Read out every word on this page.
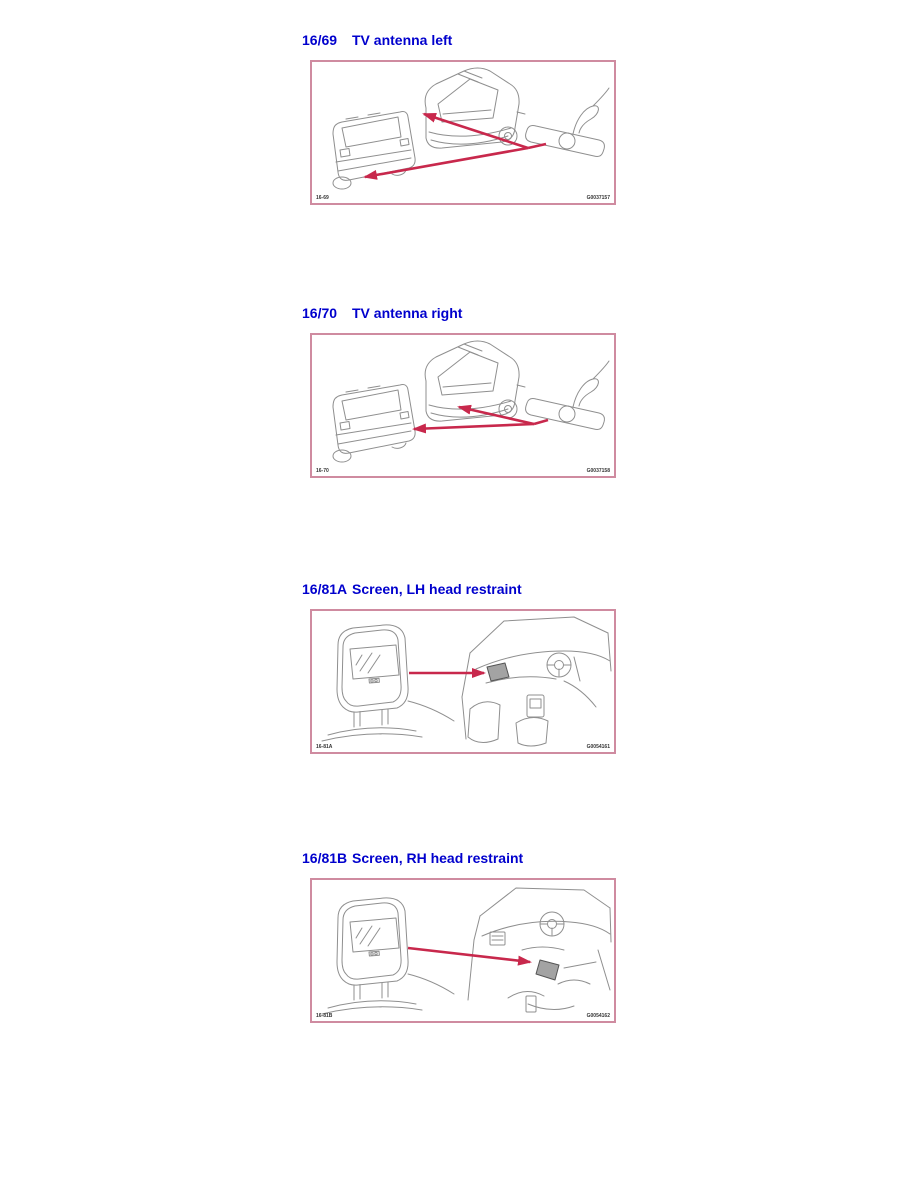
16/69 TV antenna left
16-69	G0037157
16/70 TV antenna right
16-70	G0037158
16/81A Screen, LH head restraint
16-81A	G0054161
16/81B Screen, RH head restraint
16-81B	G0054162
